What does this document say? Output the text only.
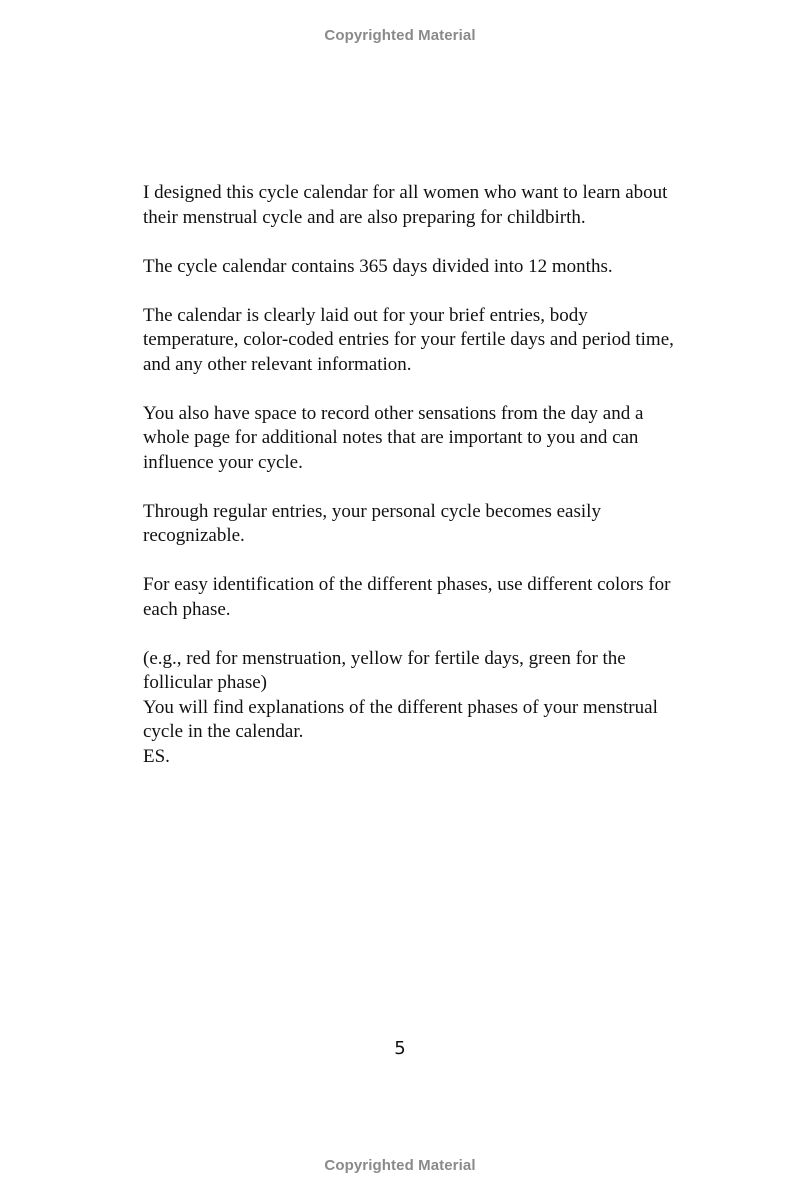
Copyrighted Material

I designed this cycle calendar for all women who want to learn about their menstrual cycle and are also preparing for childbirth.

The cycle calendar contains 365 days divided into 12 months.

The calendar is clearly laid out for your brief entries, body temperature, color-coded entries for your fertile days and period time, and any other relevant information.

You also have space to record other sensations from the day and a whole page for additional notes that are important to you and can influence your cycle.

Through regular entries, your personal cycle becomes easily recognizable.

For easy identification of the different phases, use different colors for each phase.

(e.g., red for menstruation, yellow for fertile days, green for the follicular phase)

You will find explanations of the different phases of your menstrual cycle in the calendar.

ES.

5
Copyrighted Material
